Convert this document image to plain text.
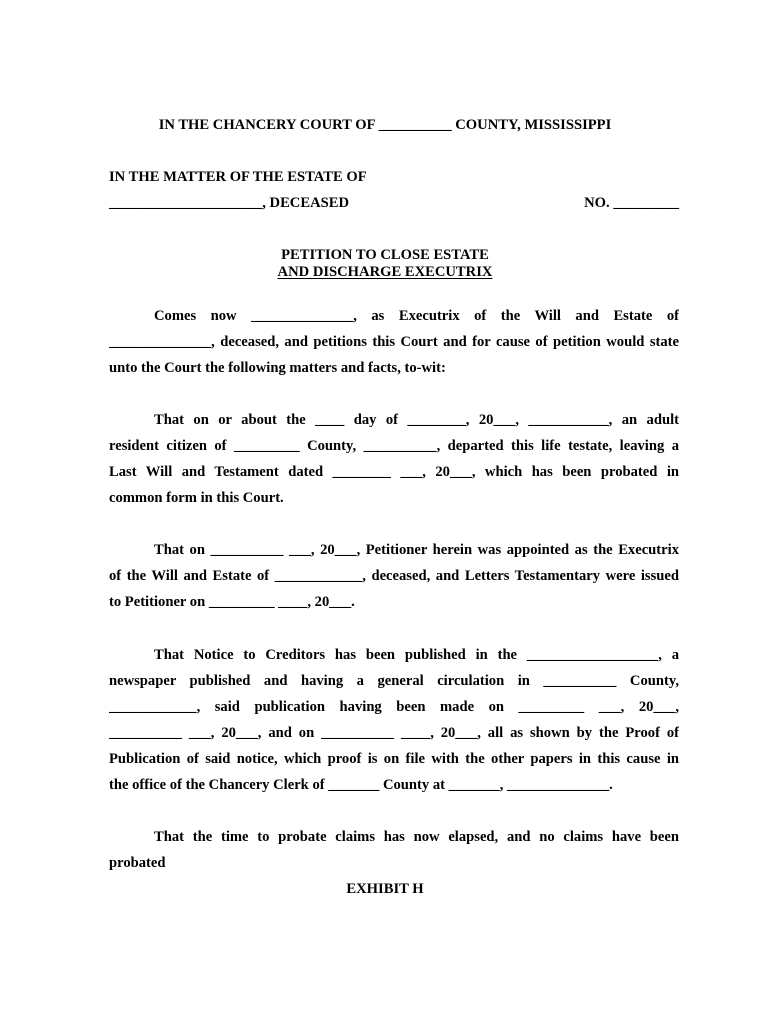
IN THE CHANCERY COURT OF __________ COUNTY, MISSISSIPPI
IN THE MATTER OF THE ESTATE OF
_____________________, DECEASED	NO. _________
PETITION TO CLOSE ESTATE
AND DISCHARGE EXECUTRIX
Comes now ______________, as Executrix of the Will and Estate of
______________, deceased, and petitions this Court and for cause of petition would state
unto the Court the following matters and facts, to-wit:
That on or about the ____ day of ________, 20___, ___________, an adult
resident citizen of _________ County, __________, departed this life testate, leaving a
Last Will and Testament dated ________ ___, 20___, which has been probated in
common form in this Court.
That on __________ ___, 20___, Petitioner herein was appointed as the Executrix
of the Will and Estate of ____________, deceased, and Letters Testamentary were issued
to Petitioner on _________ ____, 20___.
That Notice to Creditors has been published in the __________________, a
newspaper published and having a general circulation in __________ County,
____________, said publication having been made on _________ ___, 20___,
__________ ___, 20___, and on __________ ____, 20___, all as shown by the Proof of
Publication of said notice, which proof is on file with the other papers in this cause in
the office of the Chancery Clerk of _______ County at _______, ______________.
That the time to probate claims has now elapsed, and no claims have been
probated
EXHIBIT H
